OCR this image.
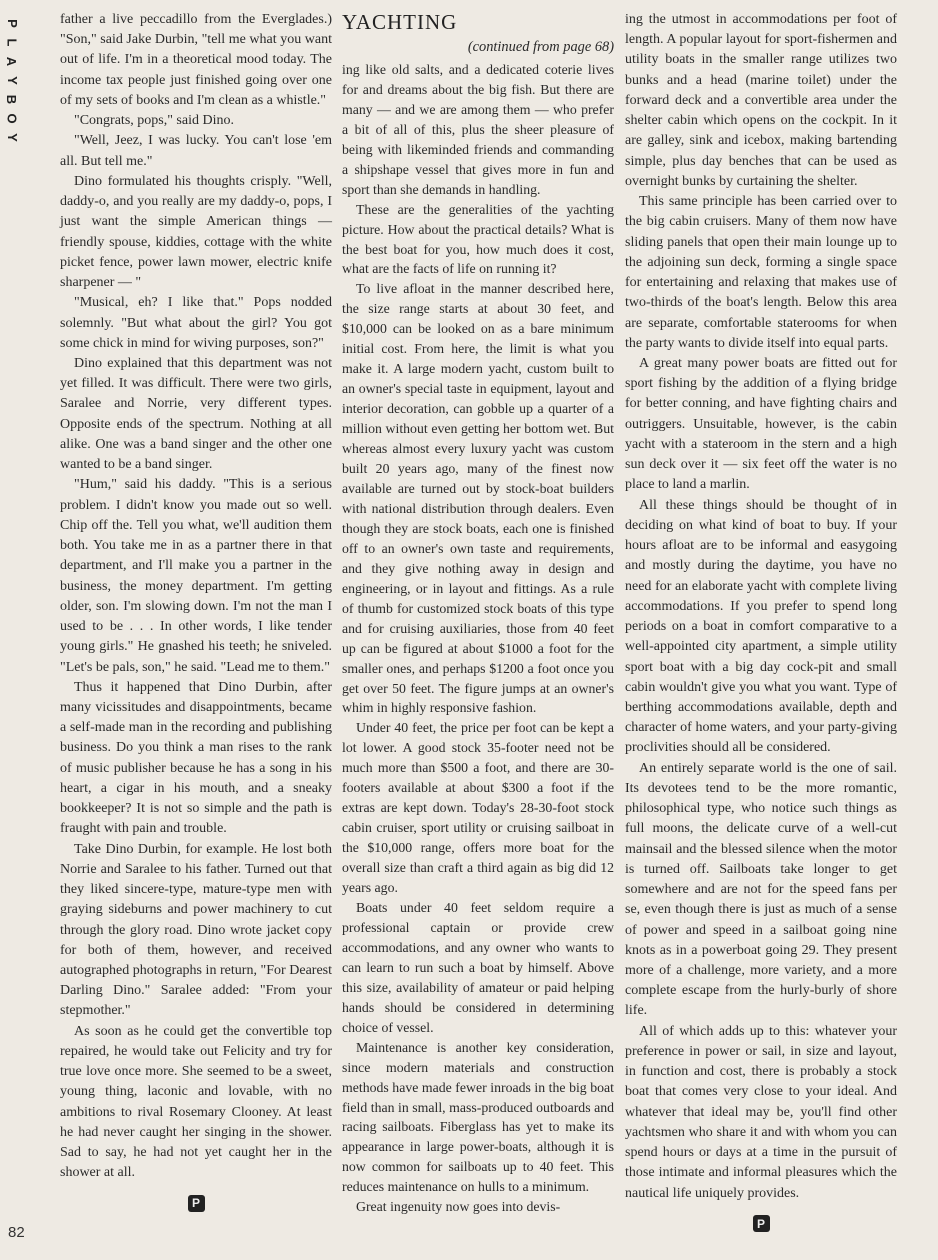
P
L
A
Y
B
O
Y

father a live peccadillo from the Everglades.) "Son," said Jake Durbin, "tell me what you want out of life. I'm in a theoretical mood today. The income tax people just finished going over one of my sets of books and I'm clean as a whistle."

"Congrats, pops," said Dino.

"Well, Jeez, I was lucky. You can't lose 'em all. But tell me."

Dino formulated his thoughts crisply. "Well, daddy-o, and you really are my daddy-o, pops, I just want the simple American things — friendly spouse, kiddies, cottage with the white picket fence, power lawn mower, electric knife sharpener — "

"Musical, eh? I like that." Pops nodded solemnly. "But what about the girl? You got some chick in mind for wiving purposes, son?"

Dino explained that this department was not yet filled. It was difficult. There were two girls, Saralee and Norrie, very different types. Opposite ends of the spectrum. Nothing at all alike. One was a band singer and the other one wanted to be a band singer.

"Hum," said his daddy. "This is a serious problem. I didn't know you made out so well. Chip off the. Tell you what, we'll audition them both. You take me in as a partner there in that department, and I'll make you a partner in the business, the money department. I'm getting older, son. I'm slowing down. I'm not the man I used to be . . . In other words, I like tender young girls." He gnashed his teeth; he sniveled. "Let's be pals, son," he said. "Lead me to them."

Thus it happened that Dino Durbin, after many vicissitudes and disappointments, became a self-made man in the recording and publishing business. Do you think a man rises to the rank of music publisher because he has a song in his heart, a cigar in his mouth, and a sneaky bookkeeper? It is not so simple and the path is fraught with pain and trouble.

Take Dino Durbin, for example. He lost both Norrie and Saralee to his father. Turned out that they liked sincere-type, mature-type men with graying sideburns and power machinery to cut through the glory road. Dino wrote jacket copy for both of them, however, and received autographed photographs in return, "For Dearest Darling Dino." Saralee added: "From your stepmother."

As soon as he could get the convertible top repaired, he would take out Felicity and try for true love once more. She seemed to be a sweet, young thing, laconic and lovable, with no ambitions to rival Rosemary Clooney. At least he had never caught her singing in the shower. Sad to say, he had not yet caught her in the shower at all.

P
YACHTING
(continued from page 68)

ing like old salts, and a dedicated coterie lives for and dreams about the big fish. But there are many — and we are among them — who prefer a bit of all of this, plus the sheer pleasure of being with likeminded friends and commanding a shipshape vessel that gives more in fun and sport than she demands in handling.

These are the generalities of the yachting picture. How about the practical details? What is the best boat for you, how much does it cost, what are the facts of life on running it?

To live afloat in the manner described here, the size range starts at about 30 feet, and $10,000 can be looked on as a bare minimum initial cost. From here, the limit is what you make it. A large modern yacht, custom built to an owner's special taste in equipment, layout and interior decoration, can gobble up a quarter of a million without even getting her bottom wet. But whereas almost every luxury yacht was custom built 20 years ago, many of the finest now available are turned out by stock-boat builders with national distribution through dealers. Even though they are stock boats, each one is finished off to an owner's own taste and requirements, and they give nothing away in design and engineering, or in layout and fittings. As a rule of thumb for customized stock boats of this type and for cruising auxiliaries, those from 40 feet up can be figured at about $1000 a foot for the smaller ones, and perhaps $1200 a foot once you get over 50 feet. The figure jumps at an owner's whim in highly responsive fashion.

Under 40 feet, the price per foot can be kept a lot lower. A good stock 35-footer need not be much more than $500 a foot, and there are 30-footers available at about $300 a foot if the extras are kept down. Today's 28-30-foot stock cabin cruiser, sport utility or cruising sailboat in the $10,000 range, offers more boat for the overall size than craft a third again as big did 12 years ago.

Boats under 40 feet seldom require a professional captain or provide crew accommodations, and any owner who wants to can learn to run such a boat by himself. Above this size, availability of amateur or paid helping hands should be considered in determining choice of vessel.

Maintenance is another key consideration, since modern materials and construction methods have made fewer inroads in the big boat field than in small, mass-produced outboards and racing sailboats. Fiberglass has yet to make its appearance in large power-boats, although it is now common for sailboats up to 40 feet. This reduces maintenance on hulls to a minimum.

Great ingenuity now goes into devis-

ing the utmost in accommodations per foot of length. A popular layout for sport-fishermen and utility boats in the smaller range utilizes two bunks and a head (marine toilet) under the forward deck and a convertible area under the shelter cabin which opens on the cockpit. In it are galley, sink and icebox, making bartending simple, plus day benches that can be used as overnight bunks by curtaining the shelter.

This same principle has been carried over to the big cabin cruisers. Many of them now have sliding panels that open their main lounge up to the adjoining sun deck, forming a single space for entertaining and relaxing that makes use of two-thirds of the boat's length. Below this area are separate, comfortable staterooms for when the party wants to divide itself into equal parts.

A great many power boats are fitted out for sport fishing by the addition of a flying bridge for better conning, and have fighting chairs and outriggers. Unsuitable, however, is the cabin yacht with a stateroom in the stern and a high sun deck over it — six feet off the water is no place to land a marlin.

All these things should be thought of in deciding on what kind of boat to buy. If your hours afloat are to be informal and easygoing and mostly during the daytime, you have no need for an elaborate yacht with complete living accommodations. If you prefer to spend long periods on a boat in comfort comparative to a well-appointed city apartment, a simple utility sport boat with a big day cock-pit and small cabin wouldn't give you what you want. Type of berthing accommodations available, depth and character of home waters, and your party-giving proclivities should all be considered.

An entirely separate world is the one of sail. Its devotees tend to be the more romantic, philosophical type, who notice such things as full moons, the delicate curve of a well-cut mainsail and the blessed silence when the motor is turned off. Sailboats take longer to get somewhere and are not for the speed fans per se, even though there is just as much of a sense of power and speed in a sailboat going nine knots as in a powerboat going 29. They present more of a challenge, more variety, and a more complete escape from the hurly-burly of shore life.

All of which adds up to this: whatever your preference in power or sail, in size and layout, in function and cost, there is probably a stock boat that comes very close to your ideal. And whatever that ideal may be, you'll find other yachtsmen who share it and with whom you can spend hours or days at a time in the pursuit of those intimate and informal pleasures which the nautical life uniquely provides.

P
82
